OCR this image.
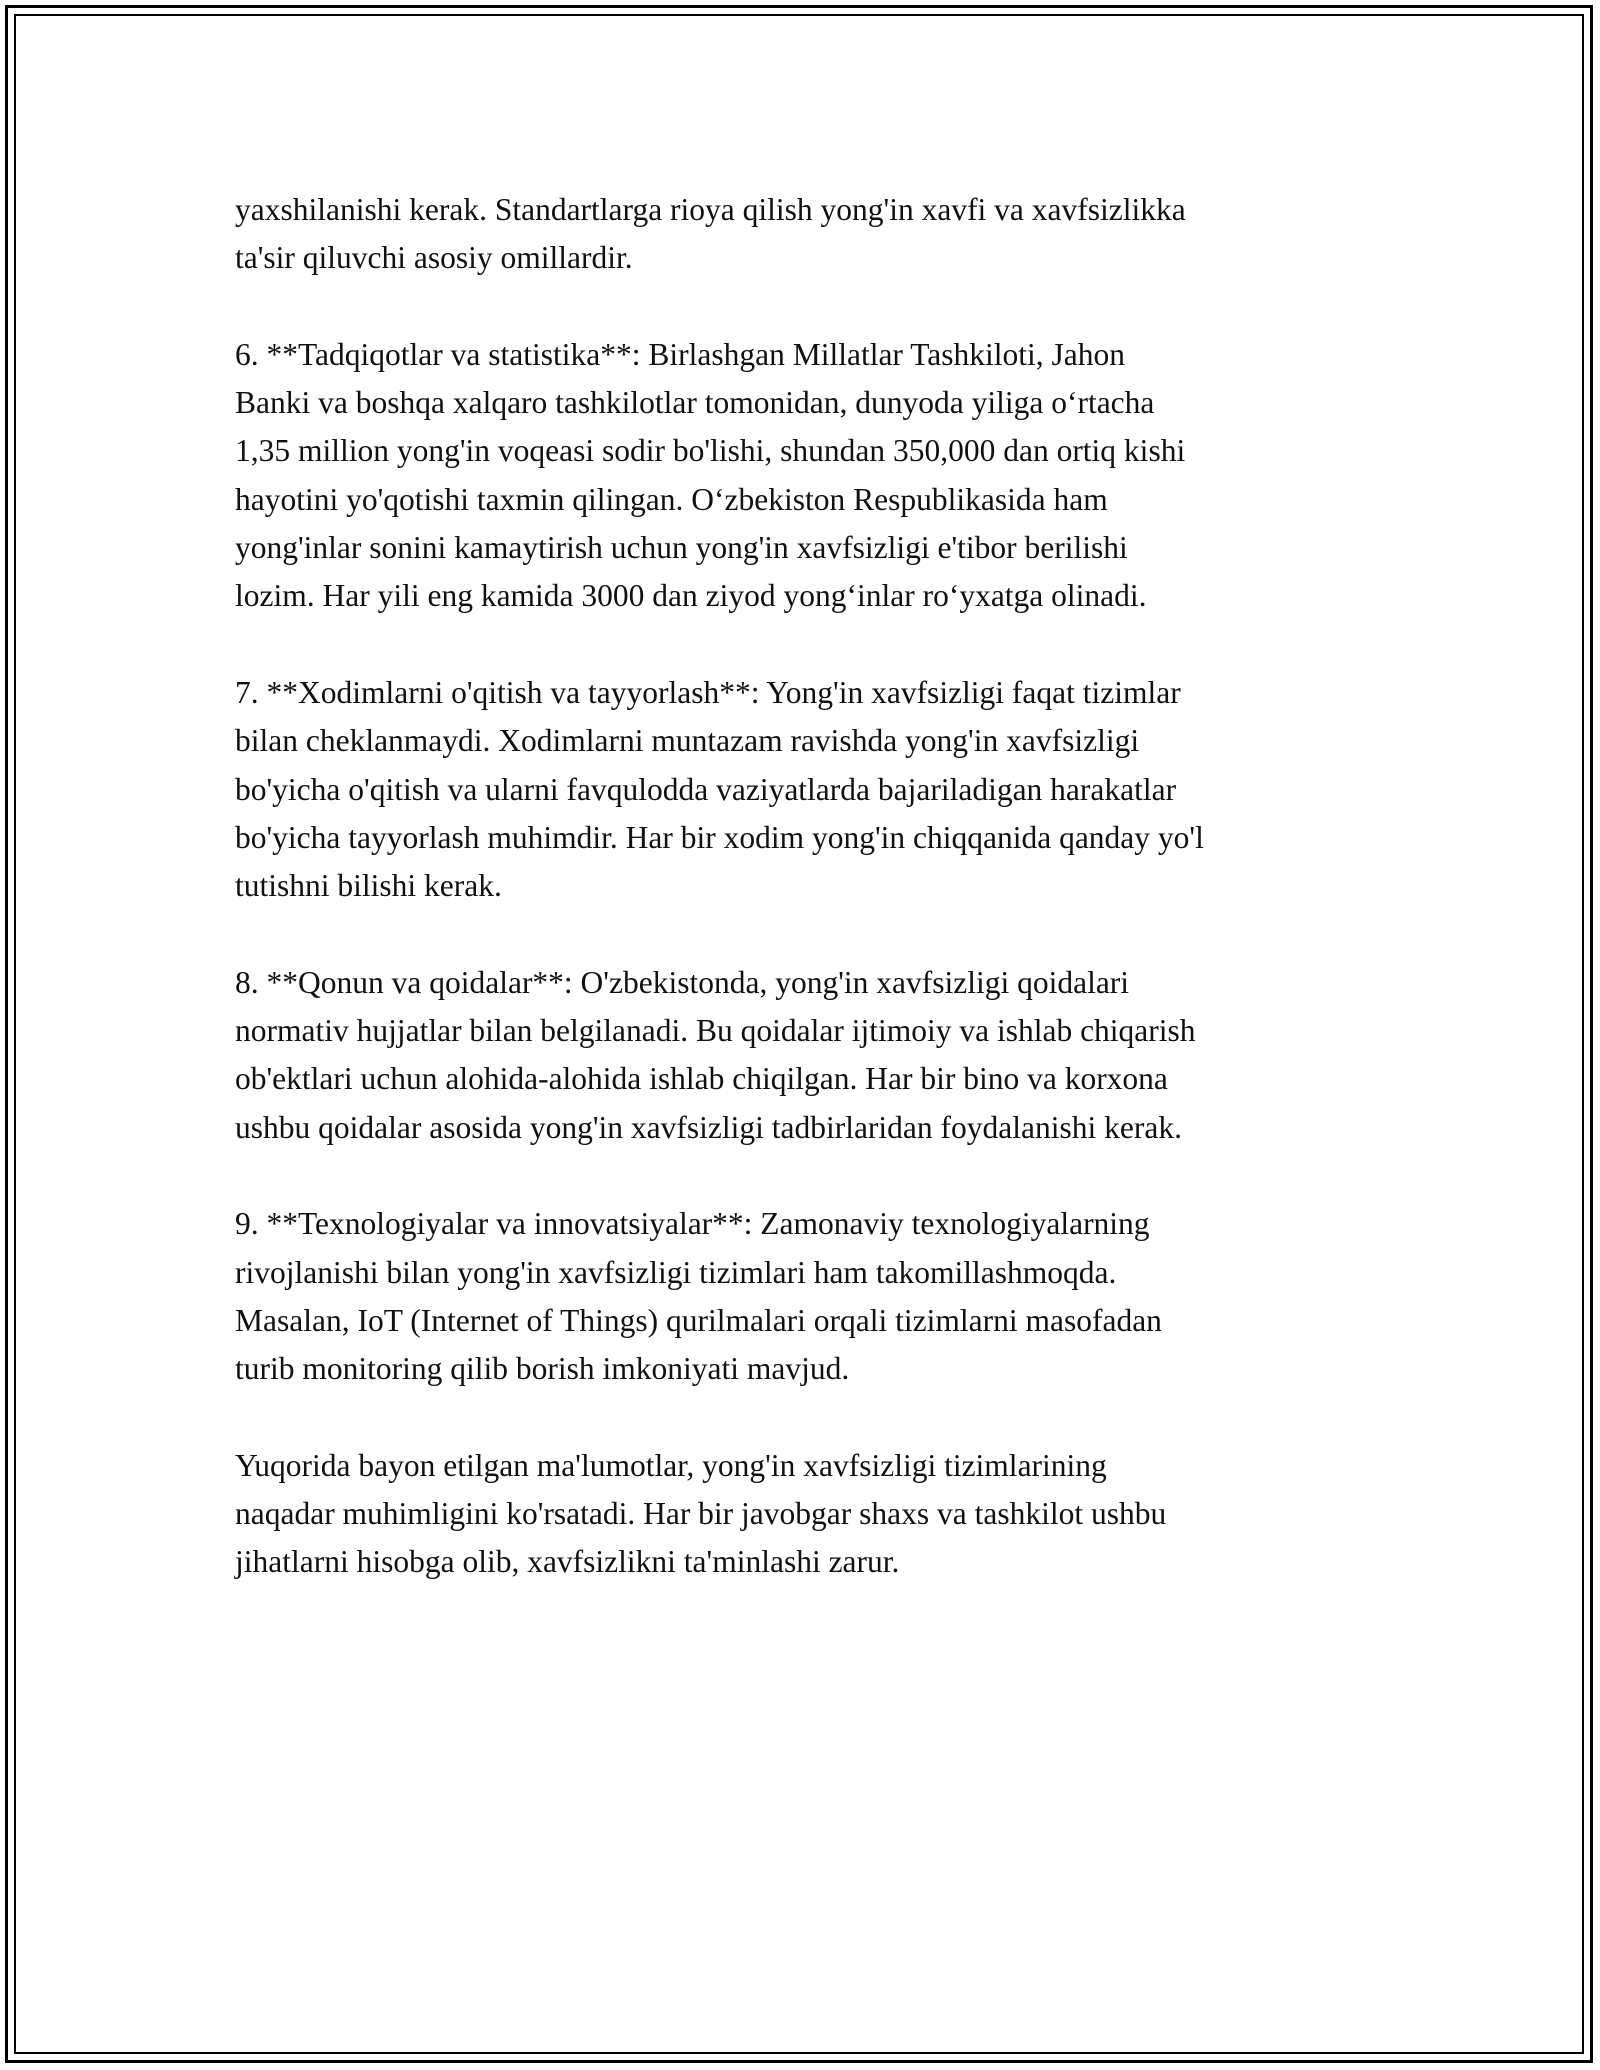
yaxshilanishi kerak. Standartlarga rioya qilish yong'in xavfi va xavfsizlikka
ta'sir qiluvchi asosiy omillardir.

6. **Tadqiqotlar va statistika**: Birlashgan Millatlar Tashkiloti, Jahon
Banki va boshqa xalqaro tashkilotlar tomonidan, dunyoda yiliga o‘rtacha
1,35 million yong'in voqeasi sodir bo'lishi, shundan 350,000 dan ortiq kishi
hayotini yo'qotishi taxmin qilingan. O‘zbekiston Respublikasida ham
yong'inlar sonini kamaytirish uchun yong'in xavfsizligi e'tibor berilishi
lozim. Har yili eng kamida 3000 dan ziyod yong‘inlar ro‘yxatga olinadi.

7. **Xodimlarni o'qitish va tayyorlash**: Yong'in xavfsizligi faqat tizimlar
bilan cheklanmaydi. Xodimlarni muntazam ravishda yong'in xavfsizligi
bo'yicha o'qitish va ularni favqulodda vaziyatlarda bajariladigan harakatlar
bo'yicha tayyorlash muhimdir. Har bir xodim yong'in chiqqanida qanday yo'l
tutishni bilishi kerak.

8. **Qonun va qoidalar**: O'zbekistonda, yong'in xavfsizligi qoidalari
normativ hujjatlar bilan belgilanadi. Bu qoidalar ijtimoiy va ishlab chiqarish
ob'ektlari uchun alohida-alohida ishlab chiqilgan. Har bir bino va korxona
ushbu qoidalar asosida yong'in xavfsizligi tadbirlaridan foydalanishi kerak.

9. **Texnologiyalar va innovatsiyalar**: Zamonaviy texnologiyalarning
rivojlanishi bilan yong'in xavfsizligi tizimlari ham takomillashmoqda.
Masalan, IoT (Internet of Things) qurilmalari orqali tizimlarni masofadan
turib monitoring qilib borish imkoniyati mavjud.

Yuqorida bayon etilgan ma'lumotlar, yong'in xavfsizligi tizimlarining
naqadar muhimligini ko'rsatadi. Har bir javobgar shaxs va tashkilot ushbu
jihatlarni hisobga olib, xavfsizlikni ta'minlashi zarur.
